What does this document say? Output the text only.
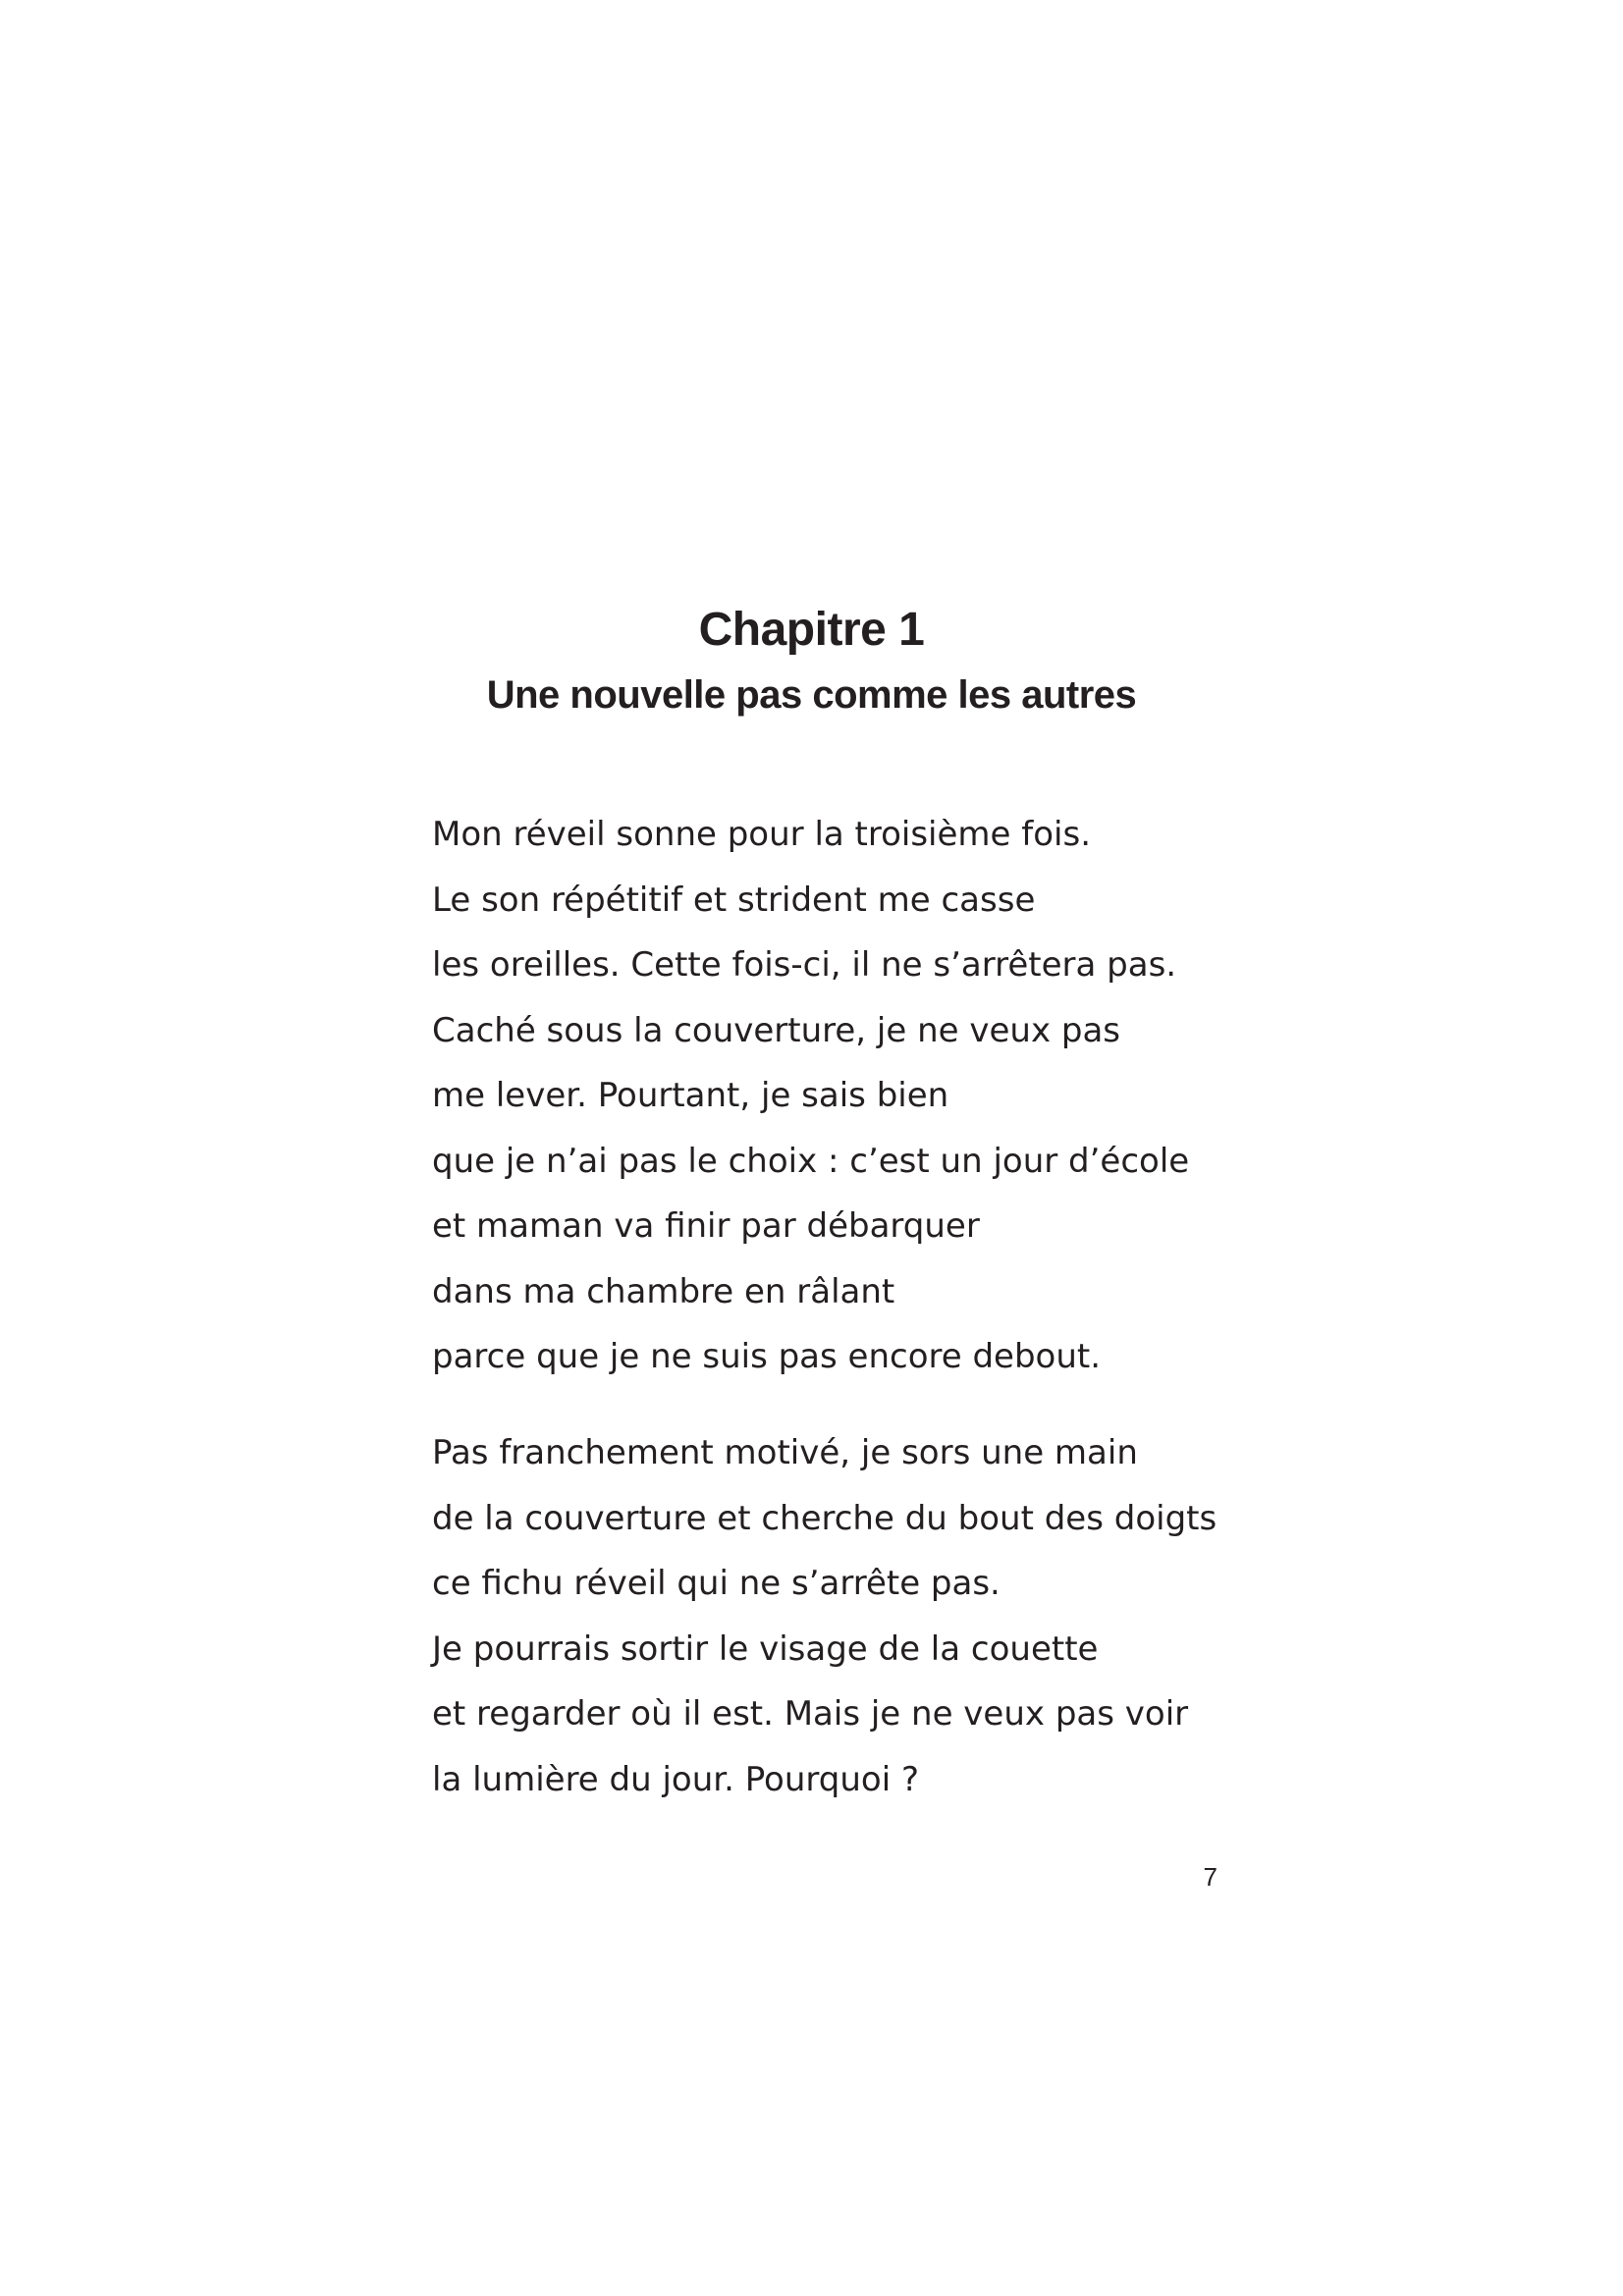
Chapitre 1
Une nouvelle pas comme les autres

Mon réveil sonne pour la troisième fois.
Le son répétitif et strident me casse
les oreilles. Cette fois-ci, il ne s’arrêtera pas.
Caché sous la couverture, je ne veux pas
me lever. Pourtant, je sais bien
que je n’ai pas le choix : c’est un jour d’école
et maman va finir par débarquer
dans ma chambre en râlant
parce que je ne suis pas encore debout.

Pas franchement motivé, je sors une main
de la couverture et cherche du bout des doigts
ce fichu réveil qui ne s’arrête pas.
Je pourrais sortir le visage de la couette
et regarder où il est. Mais je ne veux pas voir
la lumière du jour. Pourquoi ?

7
